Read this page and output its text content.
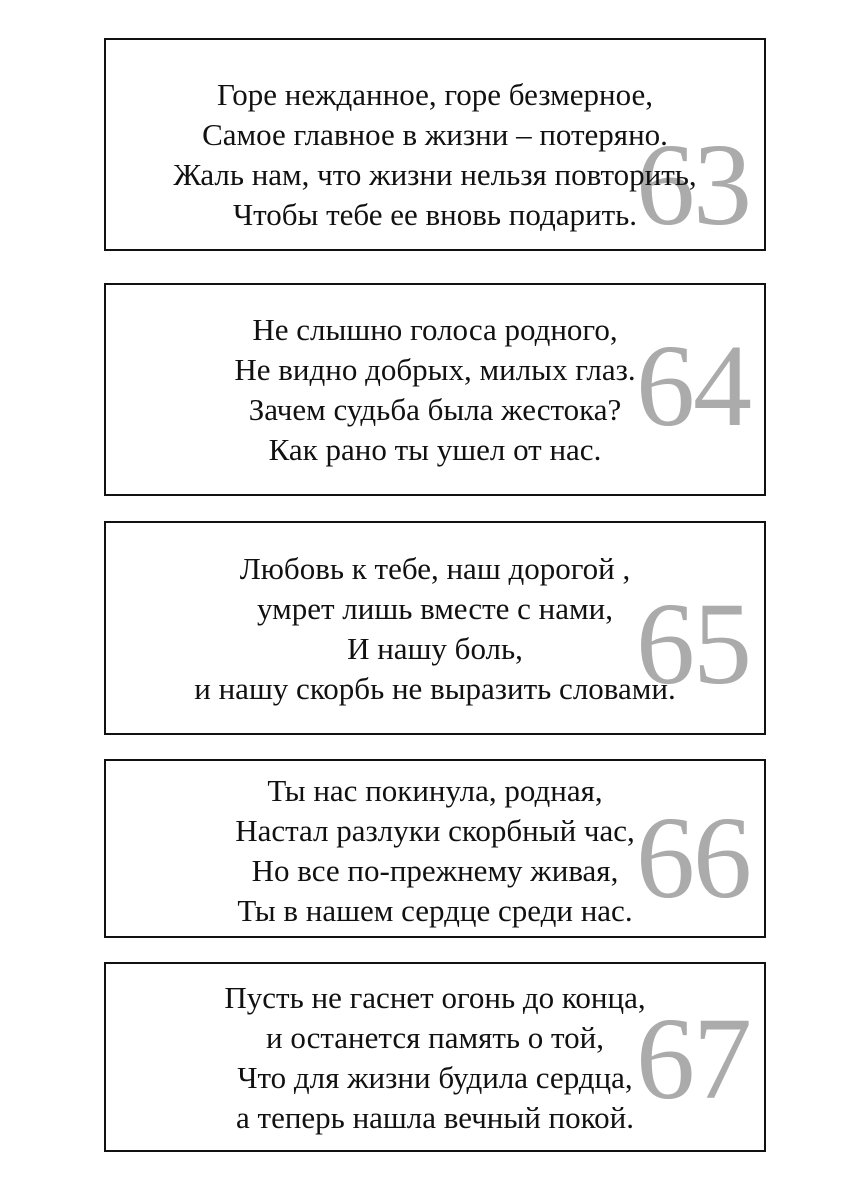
63
Горе нежданное, горе безмерное,
Самое главное в жизни – потеряно.
Жаль нам, что жизни нельзя повторить,
Чтобы тебе ее вновь подарить.
64
Не слышно голоса родного,
Не видно добрых, милых глаз.
Зачем судьба была жестока?
Как рано ты ушел от нас.
65
Любовь к тебе, наш дорогой ,
умрет лишь вместе с нами,
И нашу боль,
и нашу скорбь не выразить словами.
66
Ты нас покинула, родная,
Настал разлуки скорбный час,
Но все по-прежнему живая,
Ты в нашем сердце среди нас.
67
Пусть не гаснет огонь до конца,
и останется память о той,
Что для жизни будила сердца,
а теперь нашла вечный покой.
